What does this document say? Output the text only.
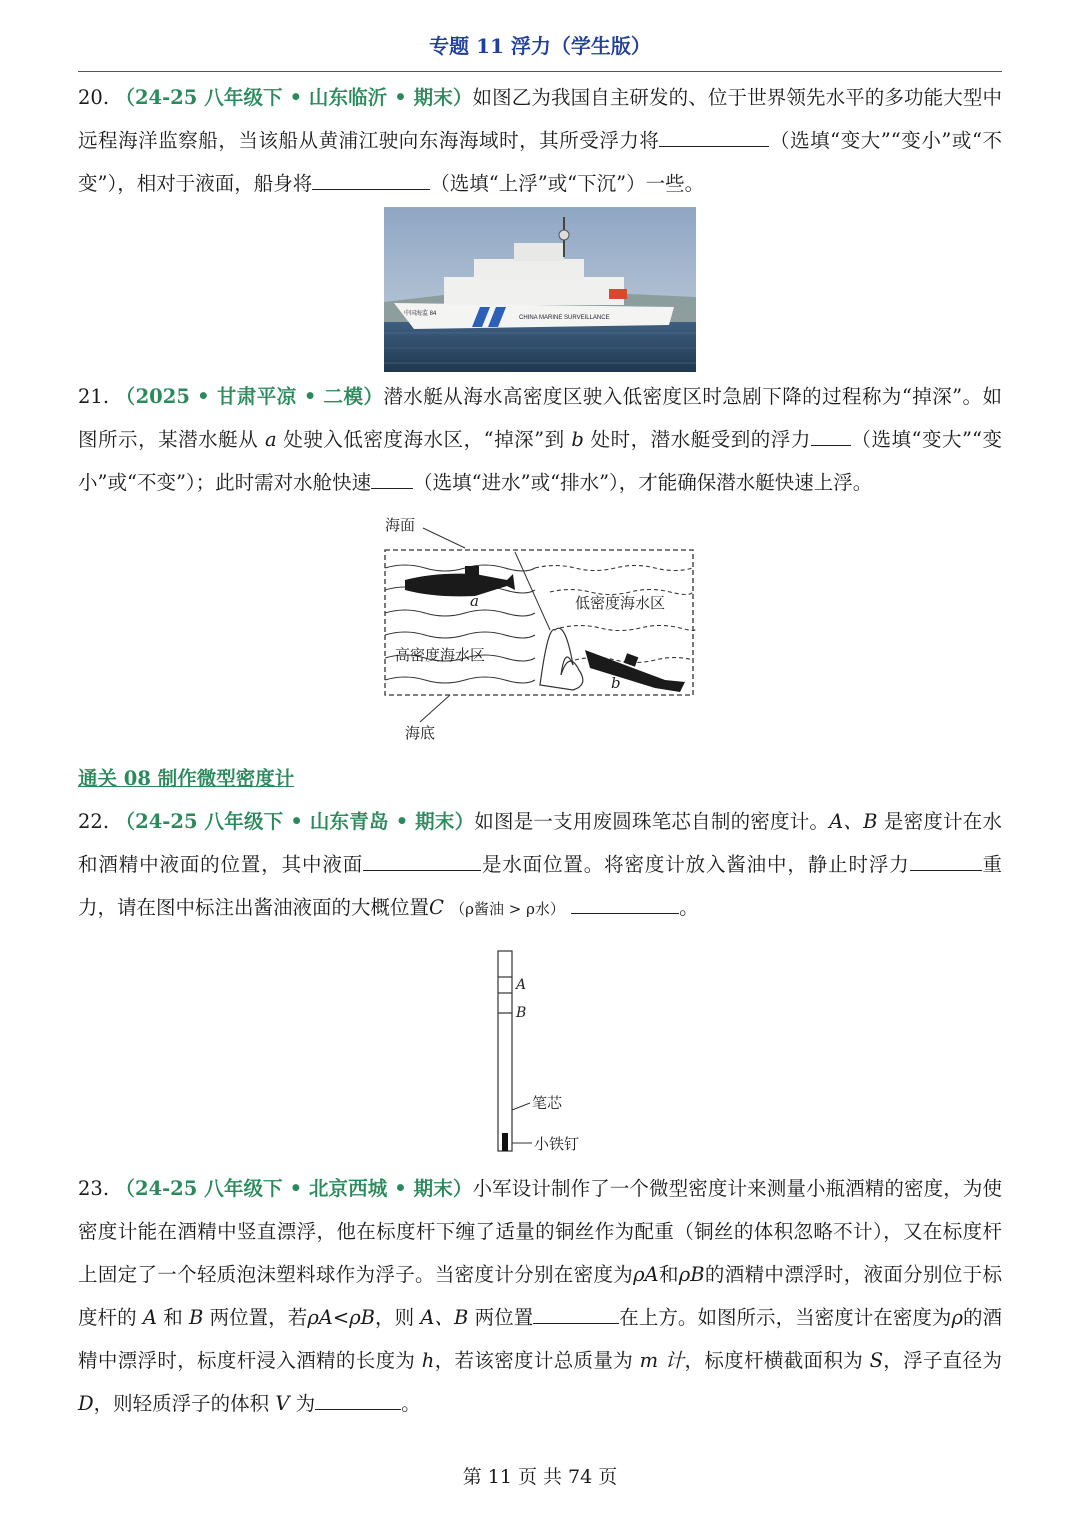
专题 11 浮力（学生版）
20. （24-25 八年级下 • 山东临沂 • 期末）如图乙为我国自主研发的、位于世界领先水平的多功能大型中远程海洋监察船，当该船从黄浦江驶向东海海域时，其所受浮力将	（选填“变大”“变小”或“不变”），相对于液面，船身将	（选填“上浮”或“下沉”）一些。
CHINA MARINE SURVEILLANCE
中国海监 84
21. （2025 • 甘肃平凉 • 二模）潜水艇从海水高密度区驶入低密度区时急剧下降的过程称为“掉深”。如图所示，某潜水艇从 a 处驶入低密度海水区，“掉深”到 b 处时，潜水艇受到的浮力 （选填“变大”“变小”或“不变”）；此时需对水舱快速 （选填“进水”或“排水”），才能确保潜水艇快速上浮。
海面
低密度海水区
高密度海水区
海底
a
b
通关 08 制作微型密度计
22. （24-25 八年级下 • 山东青岛 • 期末）如图是一支用废圆珠笔芯自制的密度计。A、B 是密度计在水和酒精中液面的位置，其中液面	是水面位置。将密度计放入酱油中，静止时浮力	重力，请在图中标注出酱油液面的大概位置C （ρ酱油 > ρ水）	。
A
B
笔芯
小铁钉
23. （24-25 八年级下 • 北京西城 • 期末）小军设计制作了一个微型密度计来测量小瓶酒精的密度，为使密度计能在酒精中竖直漂浮，他在标度杆下缠了适量的铜丝作为配重（铜丝的体积忽略不计），又在标度杆上固定了一个轻质泡沫塑料球作为浮子。当密度计分别在密度为ρA和ρB的酒精中漂浮时，液面分别位于标度杆的 A 和 B 两位置，若ρA<ρB，则 A、B 两位置	在上方。如图所示，当密度计在密度为ρ的酒精中漂浮时，标度杆浸入酒精的长度为 h，若该密度计总质量为 m 计，标度杆横截面积为 S，浮子直径为 D，则轻质浮子的体积 V 为	。
第 11 页 共 74 页
